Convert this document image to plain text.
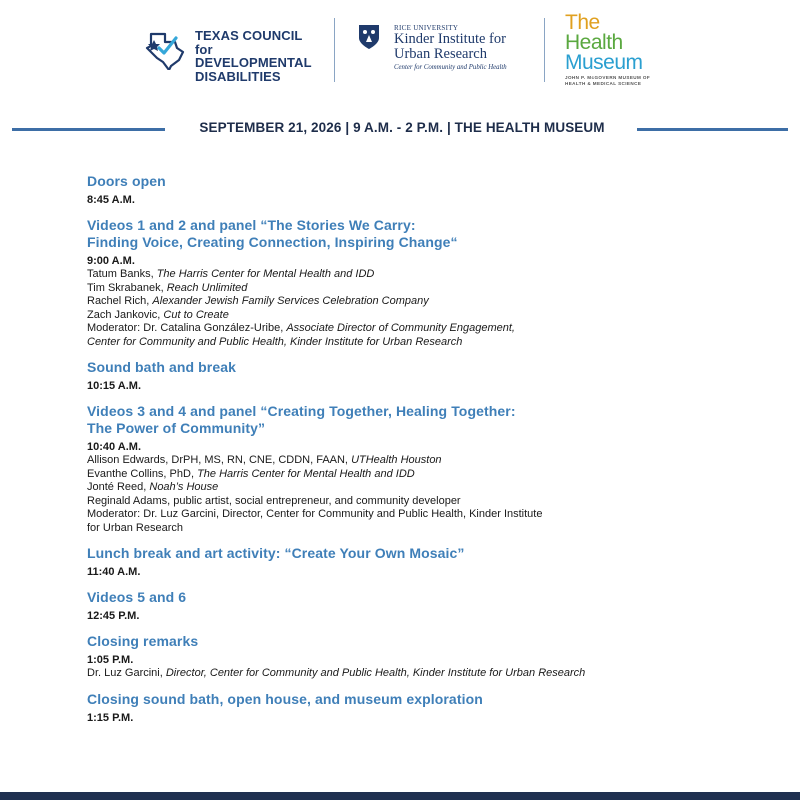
TEXAS COUNCIL for
DEVELOPMENTAL
DISABILITIES
RICE UNIVERSITY
Kinder Institute for
Urban Research
Center for Community and Public Health
The
Health
Museum
JOHN P. McGOVERN MUSEUM OF
HEALTH & MEDICAL SCIENCE
SEPTEMBER 21, 2026 | 9 A.M. - 2 P.M. | THE HEALTH MUSEUM
Doors open
8:45 A.M.
Videos 1 and 2 and panel “The Stories We Carry:
Finding Voice, Creating Connection, Inspiring Change“
9:00 A.M.
Tatum Banks, The Harris Center for Mental Health and IDD
Tim Skrabanek, Reach Unlimited
Rachel Rich, Alexander Jewish Family Services Celebration Company
Zach Jankovic, Cut to Create
Moderator: Dr. Catalina González-Uribe, Associate Director of Community Engagement,
Center for Community and Public Health, Kinder Institute for Urban Research
Sound bath and break
10:15 A.M.
Videos 3 and 4 and panel “Creating Together, Healing Together:
The Power of Community”
10:40 A.M.
Allison Edwards, DrPH, MS, RN, CNE, CDDN, FAAN, UTHealth Houston
Evanthe Collins, PhD, The Harris Center for Mental Health and IDD
Jonté Reed, Noah’s House
Reginald Adams, public artist, social entrepreneur, and community developer
Moderator: Dr. Luz Garcini, Director, Center for Community and Public Health, Kinder Institute
for Urban Research
Lunch break and art activity: “Create Your Own Mosaic”
11:40 A.M.
Videos 5 and 6
12:45 P.M.
Closing remarks
1:05 P.M.
Dr. Luz Garcini, Director, Center for Community and Public Health, Kinder Institute for Urban Research
Closing sound bath, open house, and museum exploration
1:15 P.M.
